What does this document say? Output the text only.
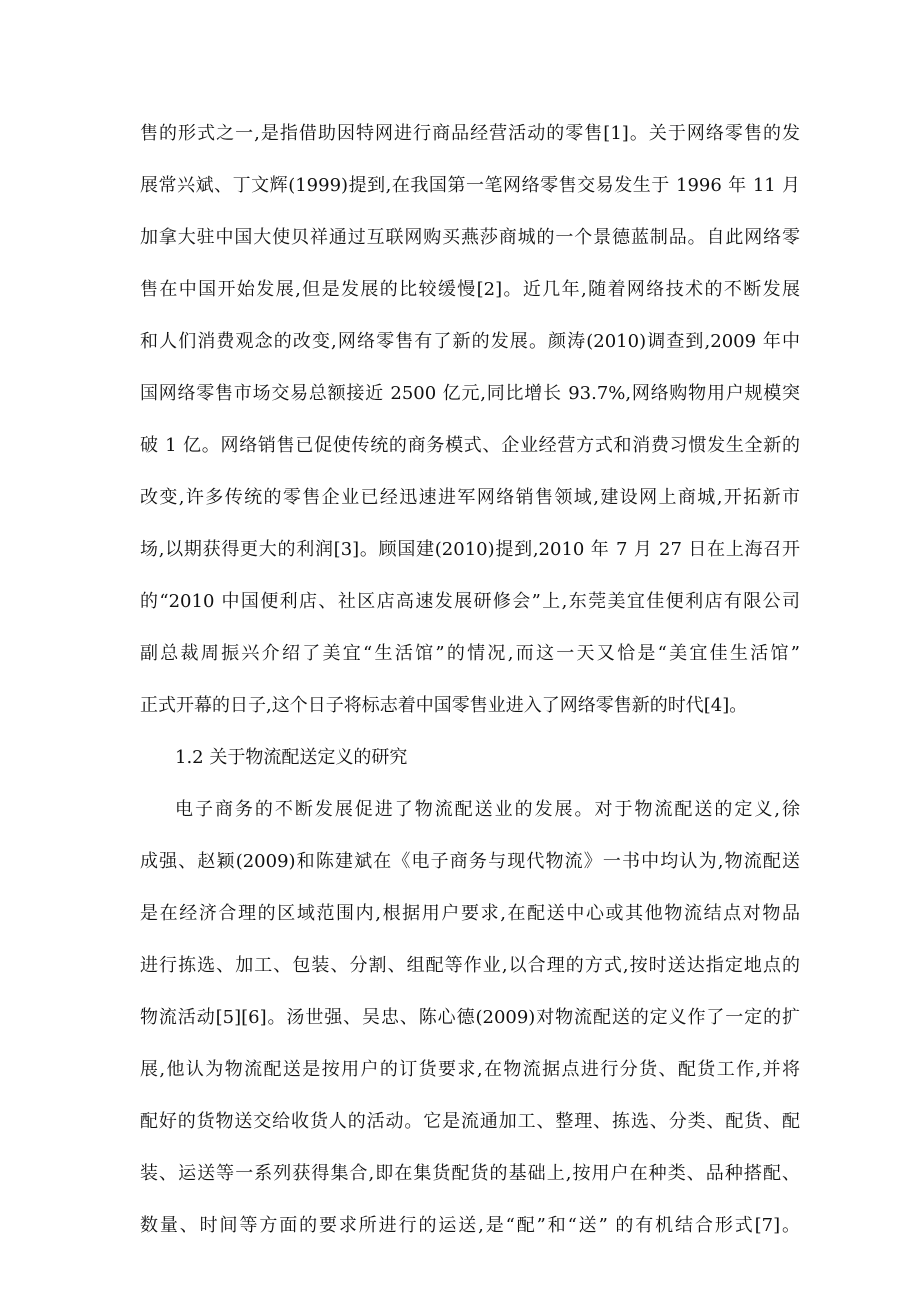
售的形式之一,是指借助因特网进行商品经营活动的零售[1]。关于网络零售的发
展常兴斌、丁文辉(1999)提到,在我国第一笔网络零售交易发生于 1996 年 11 月
加拿大驻中国大使贝祥通过互联网购买燕莎商城的一个景德蓝制品。自此网络零
售在中国开始发展,但是发展的比较缓慢[2]。近几年,随着网络技术的不断发展
和人们消费观念的改变,网络零售有了新的发展。颜涛(2010)调查到,2009 年中
国网络零售市场交易总额接近 2500 亿元,同比增长 93.7%,网络购物用户规模突
破 1 亿。网络销售已促使传统的商务模式、企业经营方式和消费习惯发生全新的
改变,许多传统的零售企业已经迅速进军网络销售领域,建设网上商城,开拓新市
场,以期获得更大的利润[3]。顾国建(2010)提到,2010 年 7 月 27 日在上海召开
的“2010 中国便利店、社区店高速发展研修会”上,东莞美宜佳便利店有限公司
副总裁周振兴介绍了美宜“生活馆”的情况,而这一天又恰是“美宜佳生活馆”
正式开幕的日子,这个日子将标志着中国零售业进入了网络零售新的时代[4]。
1.2 关于物流配送定义的研究
电子商务的不断发展促进了物流配送业的发展。对于物流配送的定义,徐
成强、赵颖(2009)和陈建斌在《电子商务与现代物流》一书中均认为,物流配送
是在经济合理的区域范围内,根据用户要求,在配送中心或其他物流结点对物品
进行拣选、加工、包装、分割、组配等作业,以合理的方式,按时送达指定地点的
物流活动[5][6]。汤世强、吴忠、陈心德(2009)对物流配送的定义作了一定的扩
展,他认为物流配送是按用户的订货要求,在物流据点进行分货、配货工作,并将
配好的货物送交给收货人的活动。它是流通加工、整理、拣选、分类、配货、配
装、运送等一系列获得集合,即在集货配货的基础上,按用户在种类、品种搭配、
数量、时间等方面的要求所进行的运送,是“配”和“送” 的有机结合形式[7]。
